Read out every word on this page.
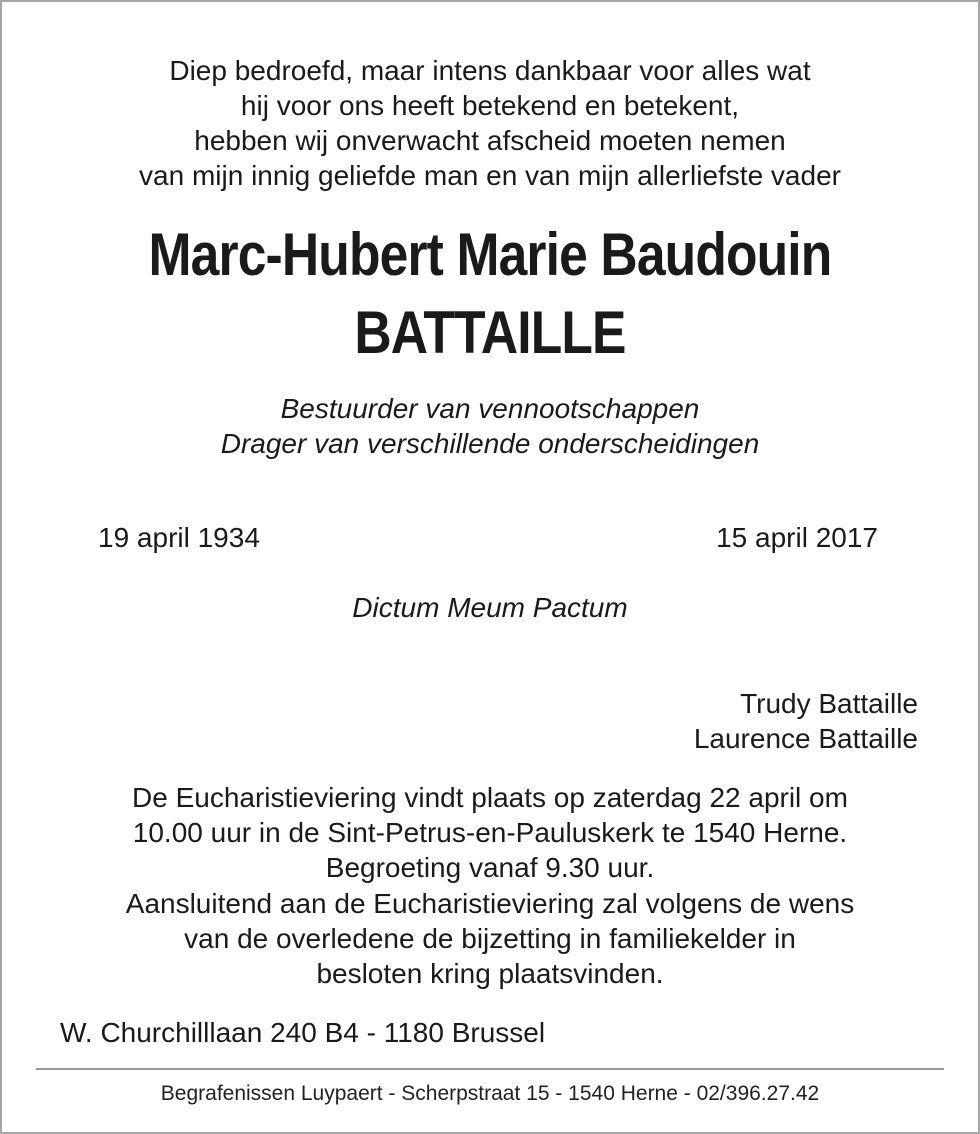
Diep bedroefd, maar intens dankbaar voor alles wat
hij voor ons heeft betekend en betekent,
hebben wij onverwacht afscheid moeten nemen
van mijn innig geliefde man en van mijn allerliefste vader
Marc-Hubert Marie Baudouin
BATTAILLE
Bestuurder van vennootschappen
Drager van verschillende onderscheidingen
19 april 1934	15 april 2017
Dictum Meum Pactum
Trudy Battaille
Laurence Battaille
De Eucharistieviering vindt plaats op zaterdag 22 april om
10.00 uur in de Sint-Petrus-en-Pauluskerk te 1540 Herne.
Begroeting vanaf 9.30 uur.
Aansluitend aan de Eucharistieviering zal volgens de wens
van de overledene de bijzetting in familiekelder in
besloten kring plaatsvinden.
W. Churchilllaan 240 B4 - 1180 Brussel
Begrafenissen Luypaert - Scherpstraat 15 - 1540 Herne - 02/396.27.42
